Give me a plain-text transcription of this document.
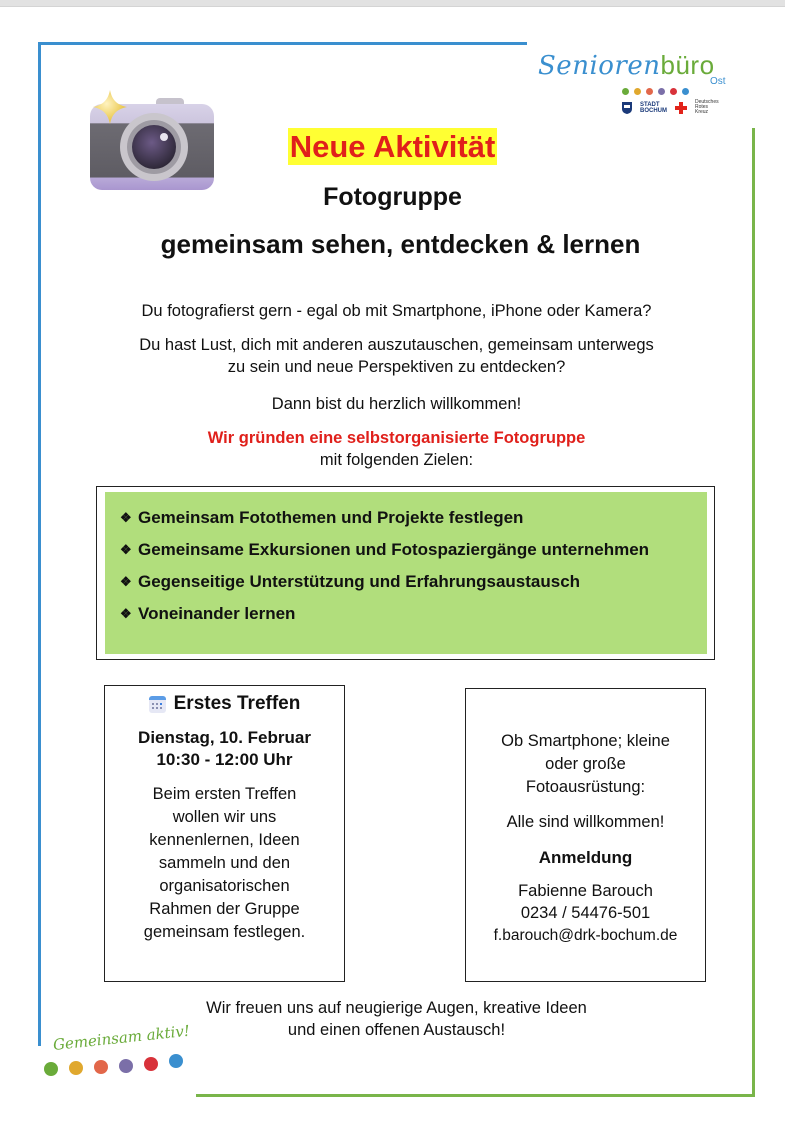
Seniorenbüro
Ost
STADT
BOCHUM
Deutsches
Rotes
Kreuz
Neue Aktivität
Fotogruppe
gemeinsam sehen, entdecken & lernen
Du fotografierst gern - egal ob mit Smartphone, iPhone oder Kamera?
Du hast Lust, dich mit anderen auszutauschen, gemeinsam unterwegs
zu sein und neue Perspektiven zu entdecken?
Dann bist du herzlich willkommen!
Wir gründen eine selbstorganisierte Fotogruppe
mit folgenden Zielen:
❖ Gemeinsam Fotothemen und Projekte festlegen
❖ Gemeinsame Exkursionen und Fotospaziergänge unternehmen
❖ Gegenseitige Unterstützung und Erfahrungsaustausch
❖ Voneinander lernen
Erstes Treffen
Dienstag, 10. Februar
10:30 - 12:00 Uhr
Beim ersten Treffen
wollen wir uns
kennenlernen, Ideen
sammeln und den
organisatorischen
Rahmen der Gruppe
gemeinsam festlegen.
Ob Smartphone; kleine
oder große
Fotoausrüstung:
Alle sind willkommen!
Anmeldung
Fabienne Barouch
0234 / 54476-501
f.barouch@drk-bochum.de
Wir freuen uns auf neugierige Augen, kreative Ideen
und einen offenen Austausch!
Gemeinsam aktiv!
